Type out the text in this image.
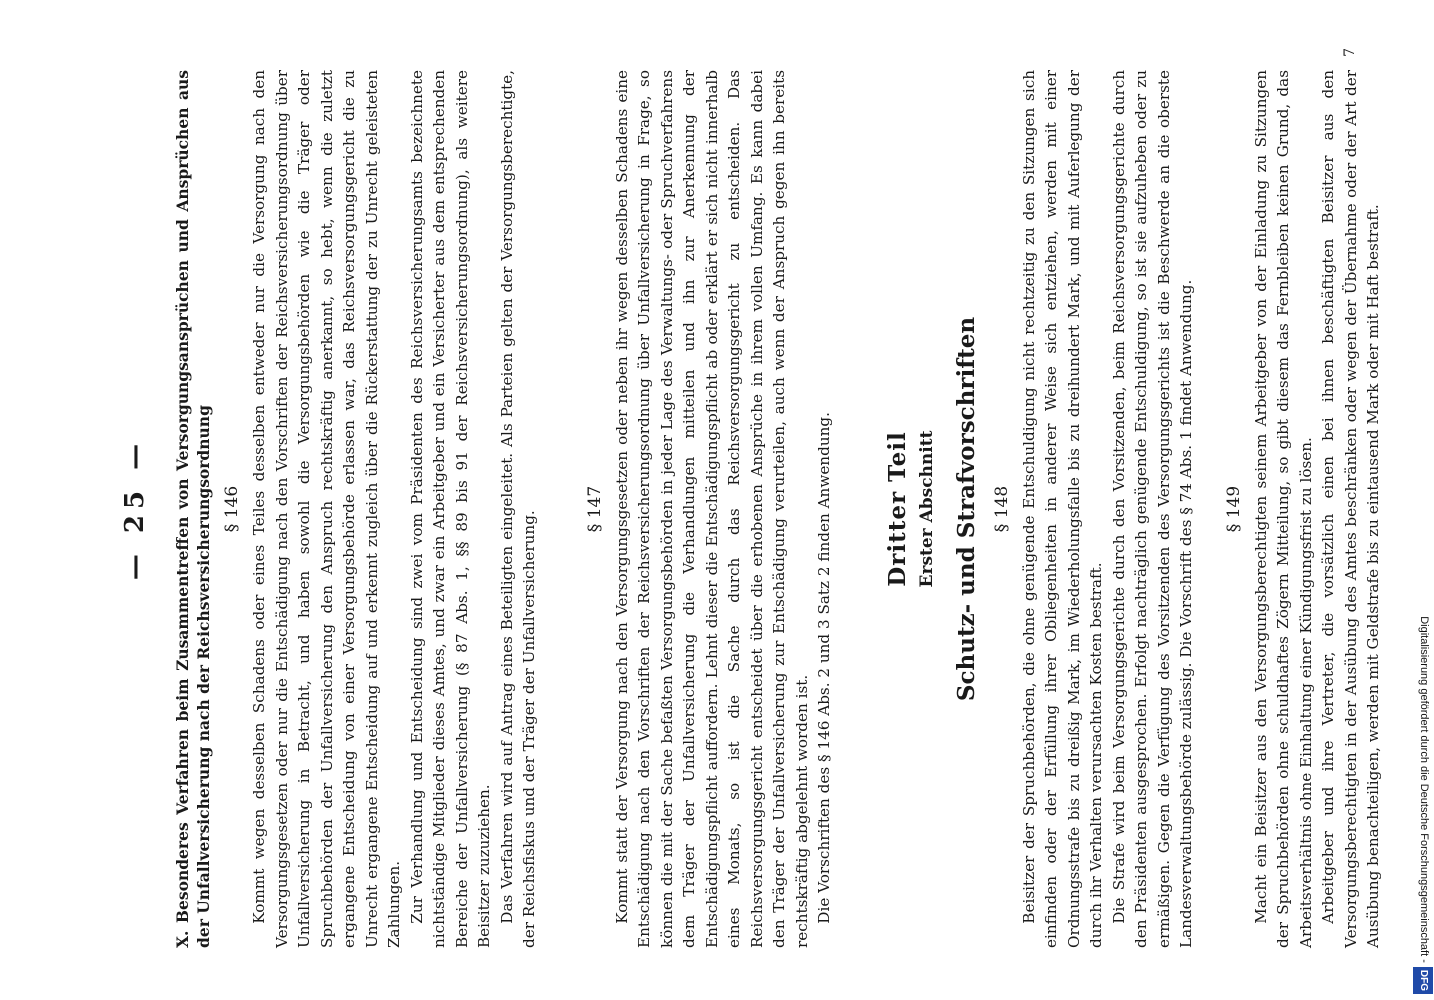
— 25 — X. Besonderes Verfahren beim Zusammentreffen von Versorgungsansprüchen und Ansprüchen aus der Unfallversicherung nach der Reichsversicherungsordnung § 146 Kommt wegen desselben Schadens oder eines Teiles desselben entweder nur die Versorgung nach den Versorgungsgesetzen oder nur die Entschädigung nach den Vorschriften der Reichsversicherungsordnung über Unfallversicherung in Betracht, und haben sowohl die Versorgungsbehörden wie die Träger oder Spruchbehörden der Unfallversicherung den Anspruch rechtskräftig anerkannt, so hebt, wenn die zuletzt ergangene Entscheidung von einer Versorgungsbehörde erlassen war, das Reichsversorgungsgericht die zu Unrecht ergangene Entscheidung auf und erkennt zugleich über die Rückerstattung der zu Unrecht geleisteten Zahlungen. Zur Verhandlung und Entscheidung sind zwei vom Präsidenten des Reichsversicherungsamts bezeichnete nichtständige Mitglieder dieses Amtes, und zwar ein Arbeitgeber und ein Versicherter aus dem entsprechenden Bereiche der Unfallversicherung (§ 87 Abs. 1, §§ 89 bis 91 der Reichsversicherungsordnung), als weitere Beisitzer zuzuziehen. Das Verfahren wird auf Antrag eines Beteiligten eingeleitet. Als Parteien gelten der Versorgungsberechtigte, der Reichsfiskus und der Träger der Unfallversicherung.

§ 147 Kommt statt der Versorgung nach den Versorgungsgesetzen oder neben ihr wegen desselben Schadens eine Entschädigung nach den Vorschriften der Reichsversicherungsordnung über Unfallversicherung in Frage, so können die mit der Sache befaßten Versorgungsbehörden in jeder Lage des Verwaltungs- oder Spruchverfahrens dem Träger der Unfallversicherung die Verhandlungen mitteilen und ihn zur Anerkennung der Entschädigungspflicht auffordern. Lehnt dieser die Entschädigungspflicht ab oder erklärt er sich nicht innerhalb eines Monats, so ist die Sache durch das Reichsversorgungsgericht zu entscheiden. Das Reichsversorgungsgericht entscheidet über die erhobenen Ansprüche in ihrem vollen Umfang. Es kann dabei den Träger der Unfallversicherung zur Entschädigung verurteilen, auch wenn der Anspruch gegen ihn bereits rechtskräftig abgelehnt worden ist. Die Vorschriften des § 146 Abs. 2 und 3 Satz 2 finden Anwendung. Dritter Teil Erster Abschnitt Schutz- und Strafvorschriften § 148 Beisitzer der Spruchbehörden, die ohne genügende Entschuldigung nicht rechtzeitig zu den Sitzungen sich einfinden oder der Erfüllung ihrer Obliegenheiten in anderer Weise sich entziehen, werden mit einer Ordnungsstrafe bis zu dreißig Mark, im Wiederholungsfalle bis zu dreihundert Mark, und mit Auferlegung der durch ihr Verhalten verursachten Kosten bestraft. Die Strafe wird beim Versorgungsgerichte durch den Vorsitzenden, beim Reichsversorgungsgerichte durch den Präsidenten ausgesprochen. Erfolgt nachträglich genügende Entschuldigung, so ist sie aufzuheben oder zu ermäßigen. Gegen die Verfügung des Vorsitzenden des Versorgungsgerichts ist die Beschwerde an die oberste Landesverwaltungsbehörde zulässig. Die Vorschrift des § 74 Abs. 1 findet Anwendung. § 149 Macht ein Beisitzer aus den Versorgungsberechtigten seinem Arbeitgeber von der Einladung zu Sitzungen der Spruchbehörden ohne schuldhaftes Zögern Mitteilung, so gibt diesem das Fernbleiben keinen Grund, das Arbeitsverhältnis ohne Einhaltung einer Kündigungsfrist zu lösen. Arbeitgeber und ihre Vertreter, die vorsätzlich einen bei ihnen beschäftigten Beisitzer aus den Versorgungsberechtigten in der Ausübung des Amtes beschränken oder wegen der Übernahme oder der Art der Ausübung benachteiligen, werden mit Geldstrafe bis zu eintausend Mark oder mit Haft bestraft.

7
Digitalisierung gefördert durch die Deutsche Forschungsgemeinschaft -DFG
